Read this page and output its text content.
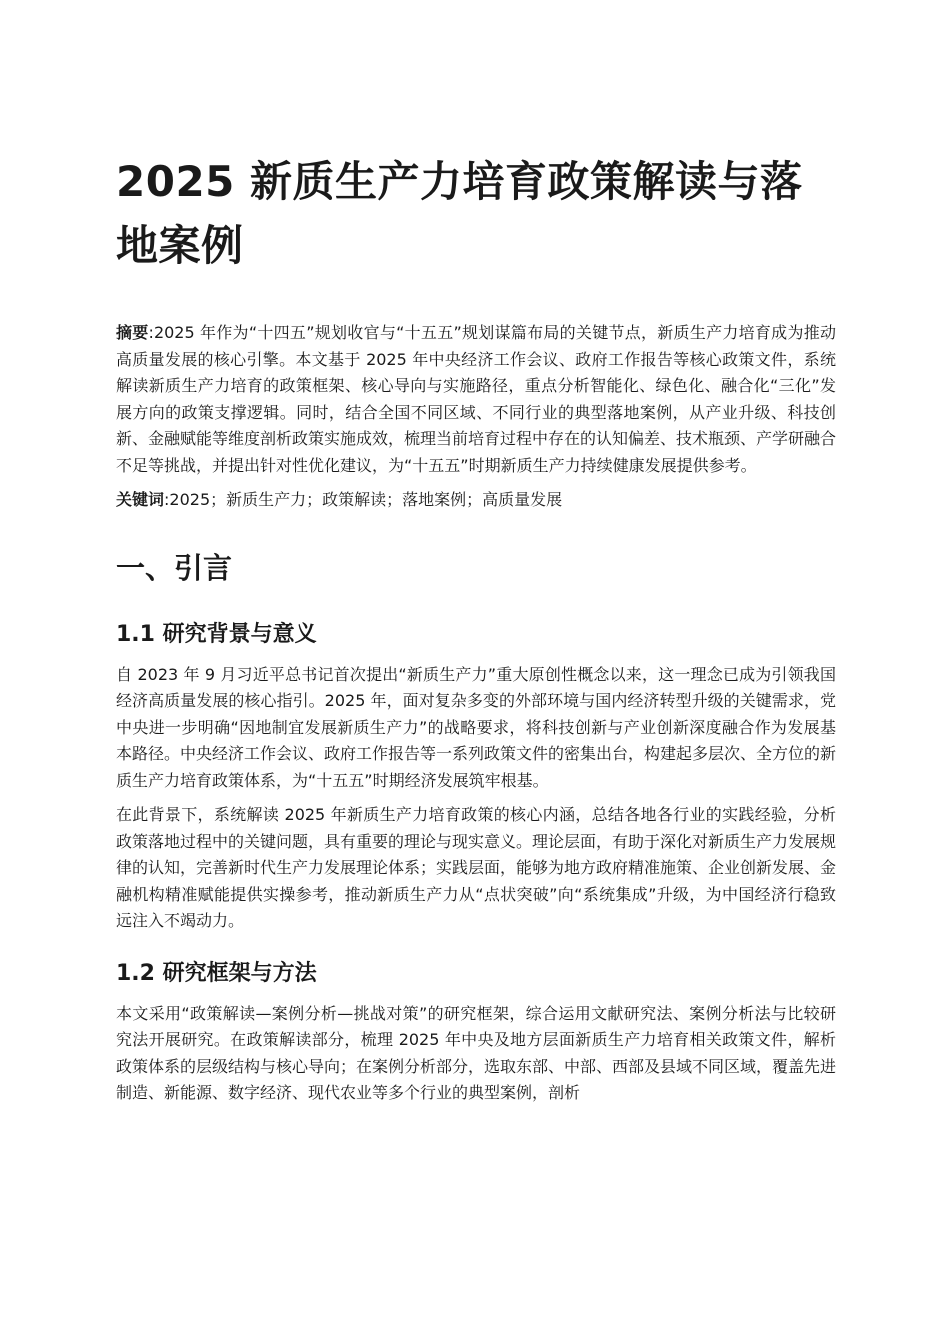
2025 新质生产力培育政策解读与落地案例

摘要:2025 年作为“十四五”规划收官与“十五五”规划谋篇布局的关键节点，新质生产力培育成为推动高质量发展的核心引擎。本文基于 2025 年中央经济工作会议、政府工作报告等核心政策文件，系统解读新质生产力培育的政策框架、核心导向与实施路径，重点分析智能化、绿色化、融合化“三化”发展方向的政策支撑逻辑。同时，结合全国不同区域、不同行业的典型落地案例，从产业升级、科技创新、金融赋能等维度剖析政策实施成效，梳理当前培育过程中存在的认知偏差、技术瓶颈、产学研融合不足等挑战，并提出针对性优化建议，为“十五五”时期新质生产力持续健康发展提供参考。

关键词:2025；新质生产力；政策解读；落地案例；高质量发展

一、引言
1.1 研究背景与意义

自 2023 年 9 月习近平总书记首次提出“新质生产力”重大原创性概念以来，这一理念已成为引领我国经济高质量发展的核心指引。2025 年，面对复杂多变的外部环境与国内经济转型升级的关键需求，党中央进一步明确“因地制宜发展新质生产力”的战略要求，将科技创新与产业创新深度融合作为发展基本路径。中央经济工作会议、政府工作报告等一系列政策文件的密集出台，构建起多层次、全方位的新质生产力培育政策体系，为“十五五”时期经济发展筑牢根基。

在此背景下，系统解读 2025 年新质生产力培育政策的核心内涵，总结各地各行业的实践经验，分析政策落地过程中的关键问题，具有重要的理论与现实意义。理论层面，有助于深化对新质生产力发展规律的认知，完善新时代生产力发展理论体系；实践层面，能够为地方政府精准施策、企业创新发展、金融机构精准赋能提供实操参考，推动新质生产力从“点状突破”向“系统集成”升级，为中国经济行稳致远注入不竭动力。

1.2 研究框架与方法

本文采用“政策解读—案例分析—挑战对策”的研究框架，综合运用文献研究法、案例分析法与比较研究法开展研究。在政策解读部分，梳理 2025 年中央及地方层面新质生产力培育相关政策文件，解析政策体系的层级结构与核心导向；在案例分析部分，选取东部、中部、西部及县域不同区域，覆盖先进制造、新能源、数字经济、现代农业等多个行业的典型案例，剖析
